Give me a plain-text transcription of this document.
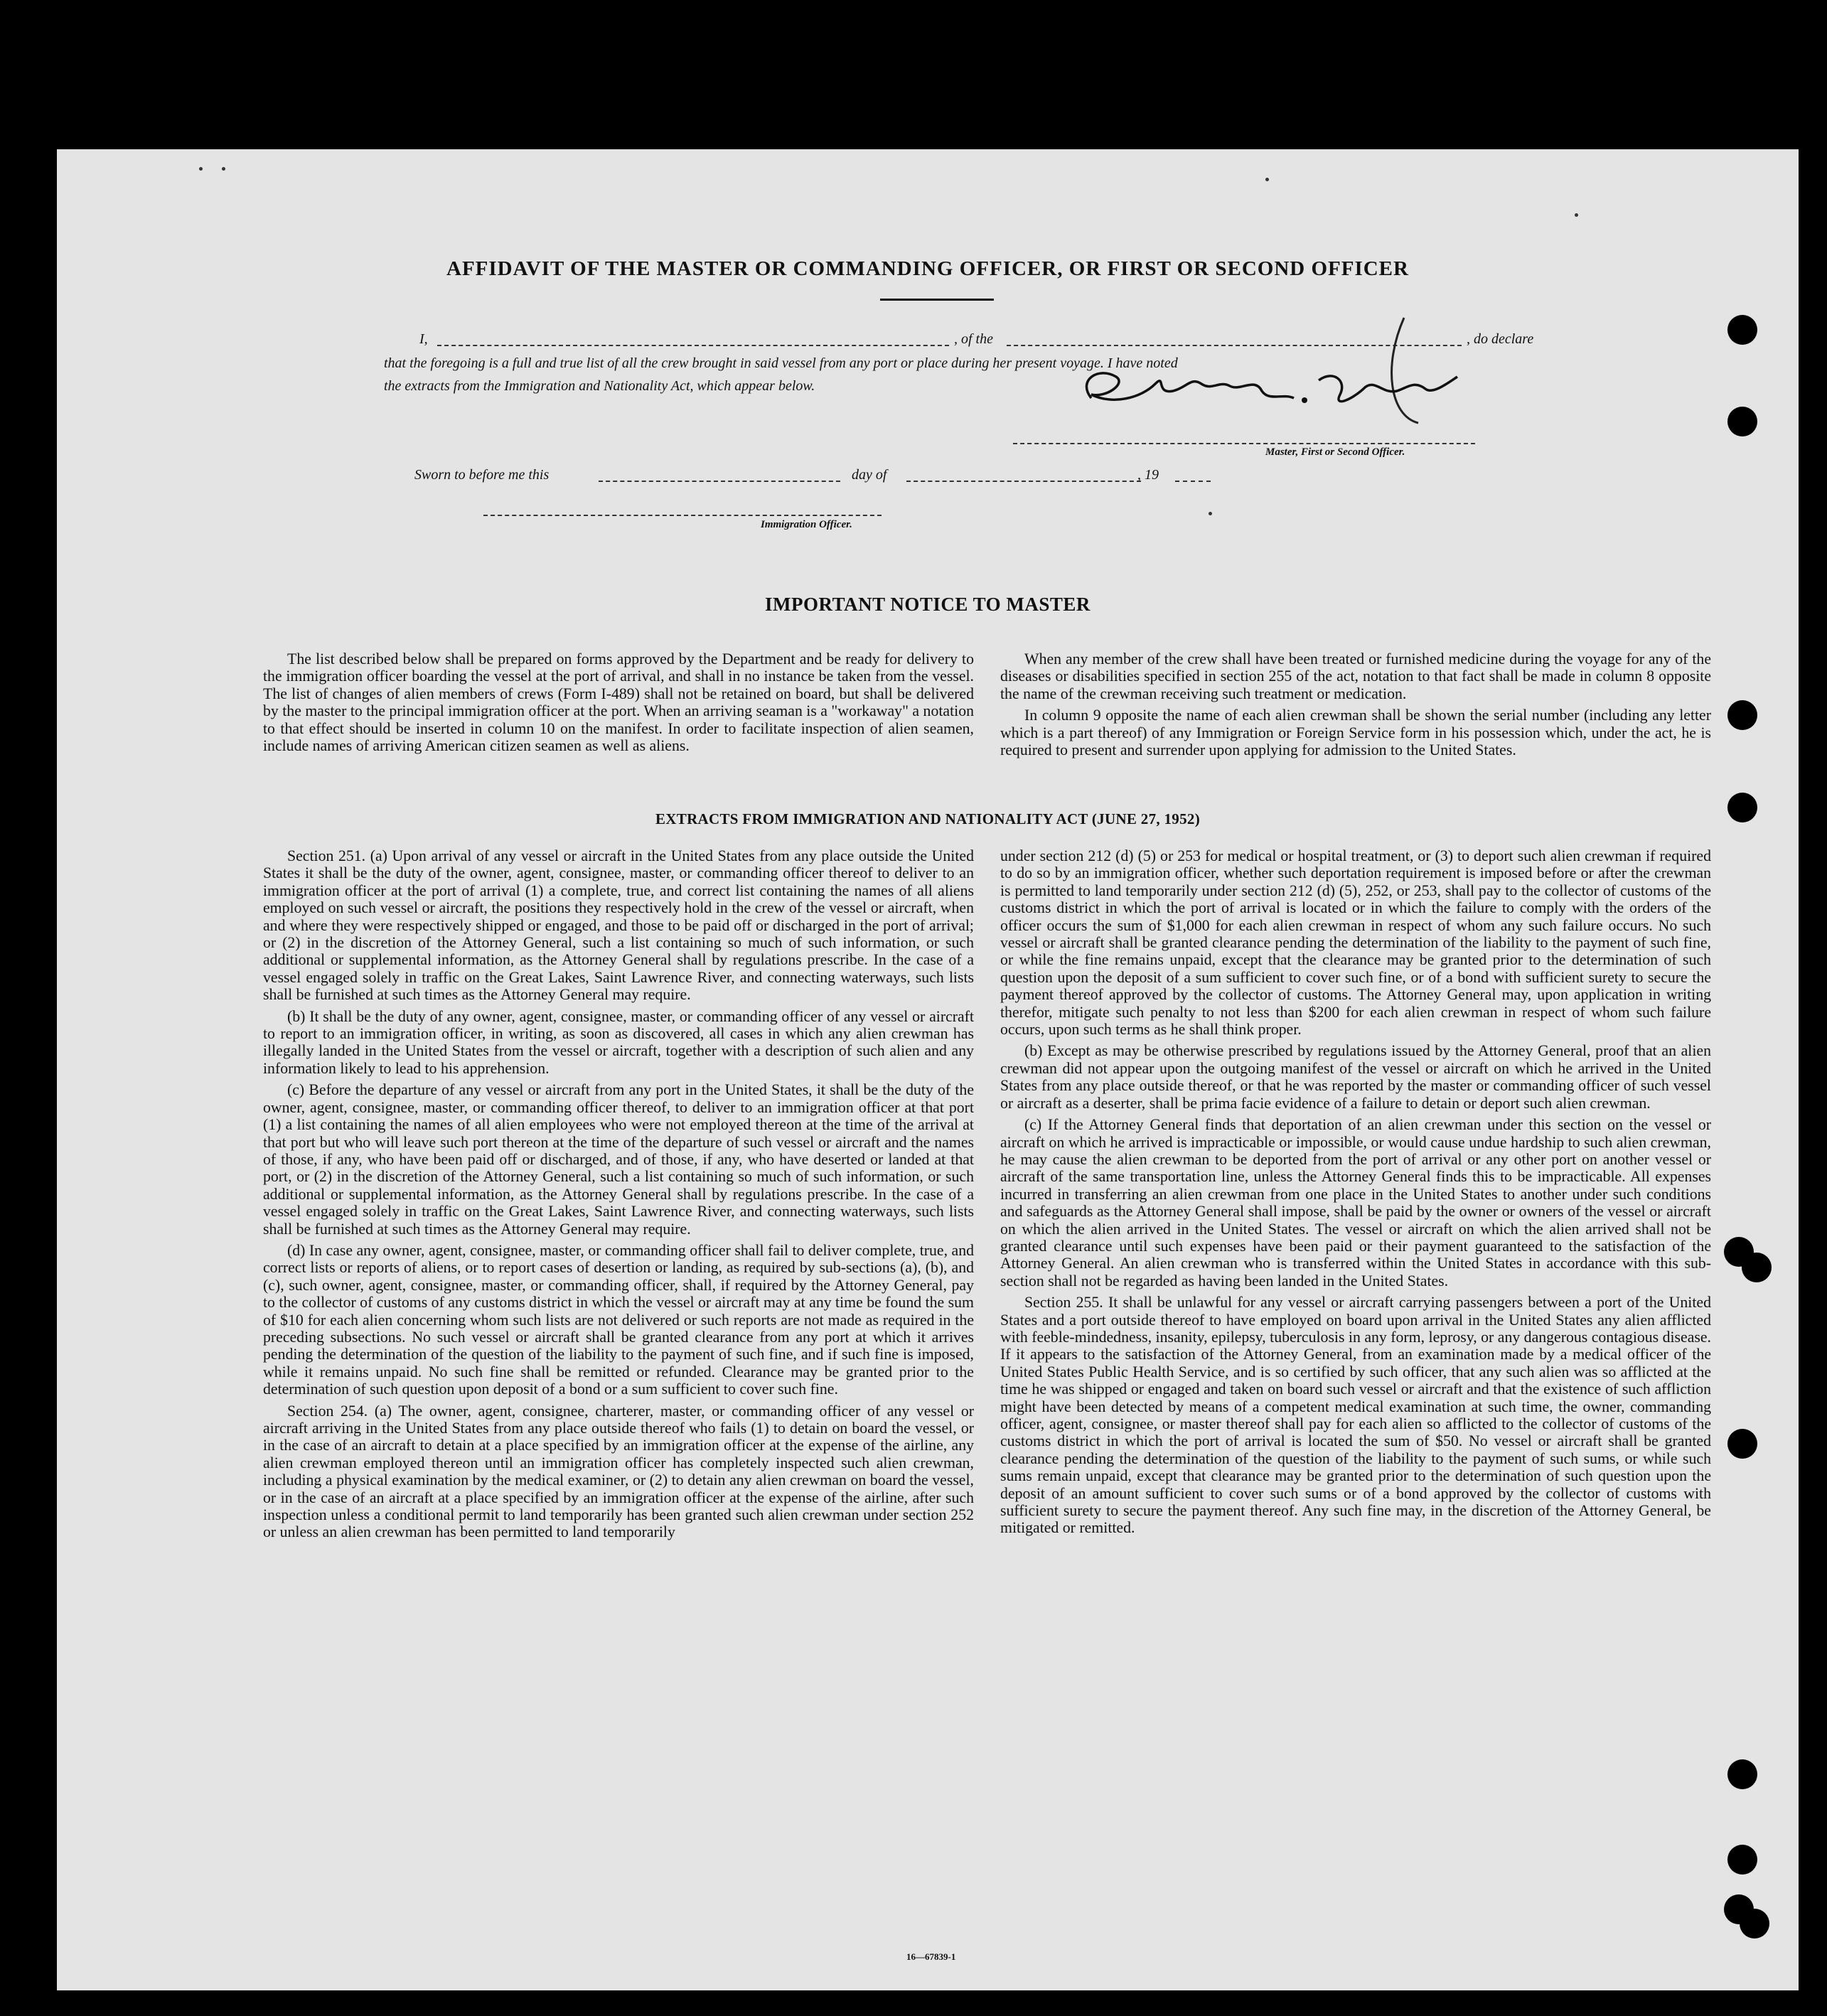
AFFIDAVIT OF THE MASTER OR COMMANDING OFFICER, OR FIRST OR SECOND OFFICER
I,	, of the	, do declare
that the foregoing is a full and true list of all the crew brought in said vessel from any port or place during her present voyage. I have noted
the extracts from the Immigration and Nationality Act, which appear below.
Master, First or Second Officer.
Sworn to before me this	day of	, 19
Immigration Officer.
IMPORTANT NOTICE TO MASTER

The list described below shall be prepared on forms approved by the Department and be ready for delivery to the immigration officer boarding the vessel at the port of arrival, and shall in no instance be taken from the vessel. The list of changes of alien members of crews (Form I-489) shall not be retained on board, but shall be delivered by the master to the principal immigration officer at the port. When an arriving seaman is a "workaway" a notation to that effect should be inserted in column 10 on the manifest. In order to facilitate inspection of alien seamen, include names of arriving American citizen seamen as well as aliens.

When any member of the crew shall have been treated or furnished medicine during the voyage for any of the diseases or disabilities specified in section 255 of the act, notation to that fact shall be made in column 8 opposite the name of the crewman receiving such treatment or medication.

In column 9 opposite the name of each alien crewman shall be shown the serial number (including any letter which is a part thereof) of any Immigration or Foreign Service form in his possession which, under the act, he is required to present and surrender upon applying for admission to the United States.

EXTRACTS FROM IMMIGRATION AND NATIONALITY ACT (JUNE 27, 1952)

Section 251. (a) Upon arrival of any vessel or aircraft in the United States from any place outside the United States it shall be the duty of the owner, agent, consignee, master, or commanding officer thereof to deliver to an immigration officer at the port of arrival (1) a complete, true, and correct list containing the names of all aliens employed on such vessel or aircraft, the positions they respectively hold in the crew of the vessel or aircraft, when and where they were respectively shipped or engaged, and those to be paid off or discharged in the port of arrival; or (2) in the discretion of the Attorney General, such a list containing so much of such information, or such additional or supplemental information, as the Attorney General shall by regulations prescribe. In the case of a vessel engaged solely in traffic on the Great Lakes, Saint Lawrence River, and connecting waterways, such lists shall be furnished at such times as the Attorney General may require.

(b) It shall be the duty of any owner, agent, consignee, master, or commanding officer of any vessel or aircraft to report to an immigration officer, in writing, as soon as discovered, all cases in which any alien crewman has illegally landed in the United States from the vessel or aircraft, together with a description of such alien and any information likely to lead to his apprehension.

(c) Before the departure of any vessel or aircraft from any port in the United States, it shall be the duty of the owner, agent, consignee, master, or commanding officer thereof, to deliver to an immigration officer at that port (1) a list containing the names of all alien employees who were not employed thereon at the time of the arrival at that port but who will leave such port thereon at the time of the departure of such vessel or aircraft and the names of those, if any, who have been paid off or discharged, and of those, if any, who have deserted or landed at that port, or (2) in the discretion of the Attorney General, such a list containing so much of such information, or such additional or supplemental information, as the Attorney General shall by regulations prescribe. In the case of a vessel engaged solely in traffic on the Great Lakes, Saint Lawrence River, and connecting waterways, such lists shall be furnished at such times as the Attorney General may require.

(d) In case any owner, agent, consignee, master, or commanding officer shall fail to deliver complete, true, and correct lists or reports of aliens, or to report cases of desertion or landing, as required by sub-sections (a), (b), and (c), such owner, agent, consignee, master, or commanding officer, shall, if required by the Attorney General, pay to the collector of customs of any customs district in which the vessel or aircraft may at any time be found the sum of $10 for each alien concerning whom such lists are not delivered or such reports are not made as required in the preceding subsections. No such vessel or aircraft shall be granted clearance from any port at which it arrives pending the determination of the question of the liability to the payment of such fine, and if such fine is imposed, while it remains unpaid. No such fine shall be remitted or refunded. Clearance may be granted prior to the determination of such question upon deposit of a bond or a sum sufficient to cover such fine.

Section 254. (a) The owner, agent, consignee, charterer, master, or commanding officer of any vessel or aircraft arriving in the United States from any place outside thereof who fails (1) to detain on board the vessel, or in the case of an aircraft to detain at a place specified by an immigration officer at the expense of the airline, any alien crewman employed thereon until an immigration officer has completely inspected such alien crewman, including a physical examination by the medical examiner, or (2) to detain any alien crewman on board the vessel, or in the case of an aircraft at a place specified by an immigration officer at the expense of the airline, after such inspection unless a conditional permit to land temporarily has been granted such alien crewman under section 252 or unless an alien crewman has been permitted to land temporarily

under section 212 (d) (5) or 253 for medical or hospital treatment, or (3) to deport such alien crewman if required to do so by an immigration officer, whether such deportation requirement is imposed before or after the crewman is permitted to land temporarily under section 212 (d) (5), 252, or 253, shall pay to the collector of customs of the customs district in which the port of arrival is located or in which the failure to comply with the orders of the officer occurs the sum of $1,000 for each alien crewman in respect of whom any such failure occurs. No such vessel or aircraft shall be granted clearance pending the determination of the liability to the payment of such fine, or while the fine remains unpaid, except that the clearance may be granted prior to the determination of such question upon the deposit of a sum sufficient to cover such fine, or of a bond with sufficient surety to secure the payment thereof approved by the collector of customs. The Attorney General may, upon application in writing therefor, mitigate such penalty to not less than $200 for each alien crewman in respect of whom such failure occurs, upon such terms as he shall think proper.

(b) Except as may be otherwise prescribed by regulations issued by the Attorney General, proof that an alien crewman did not appear upon the outgoing manifest of the vessel or aircraft on which he arrived in the United States from any place outside thereof, or that he was reported by the master or commanding officer of such vessel or aircraft as a deserter, shall be prima facie evidence of a failure to detain or deport such alien crewman.

(c) If the Attorney General finds that deportation of an alien crewman under this section on the vessel or aircraft on which he arrived is impracticable or impossible, or would cause undue hardship to such alien crewman, he may cause the alien crewman to be deported from the port of arrival or any other port on another vessel or aircraft of the same transportation line, unless the Attorney General finds this to be impracticable. All expenses incurred in transferring an alien crewman from one place in the United States to another under such conditions and safeguards as the Attorney General shall impose, shall be paid by the owner or owners of the vessel or aircraft on which the alien arrived in the United States. The vessel or aircraft on which the alien arrived shall not be granted clearance until such expenses have been paid or their payment guaranteed to the satisfaction of the Attorney General. An alien crewman who is transferred within the United States in accordance with this sub-section shall not be regarded as having been landed in the United States.

Section 255. It shall be unlawful for any vessel or aircraft carrying passengers between a port of the United States and a port outside thereof to have employed on board upon arrival in the United States any alien afflicted with feeble-mindedness, insanity, epilepsy, tuberculosis in any form, leprosy, or any dangerous contagious disease. If it appears to the satisfaction of the Attorney General, from an examination made by a medical officer of the United States Public Health Service, and is so certified by such officer, that any such alien was so afflicted at the time he was shipped or engaged and taken on board such vessel or aircraft and that the existence of such affliction might have been detected by means of a competent medical examination at such time, the owner, commanding officer, agent, consignee, or master thereof shall pay for each alien so afflicted to the collector of customs of the customs district in which the port of arrival is located the sum of $50. No vessel or aircraft shall be granted clearance pending the determination of the question of the liability to the payment of such sums, or while such sums remain unpaid, except that clearance may be granted prior to the determination of such question upon the deposit of an amount sufficient to cover such sums or of a bond approved by the collector of customs with sufficient surety to secure the payment thereof. Any such fine may, in the discretion of the Attorney General, be mitigated or remitted.

16—67839-1
